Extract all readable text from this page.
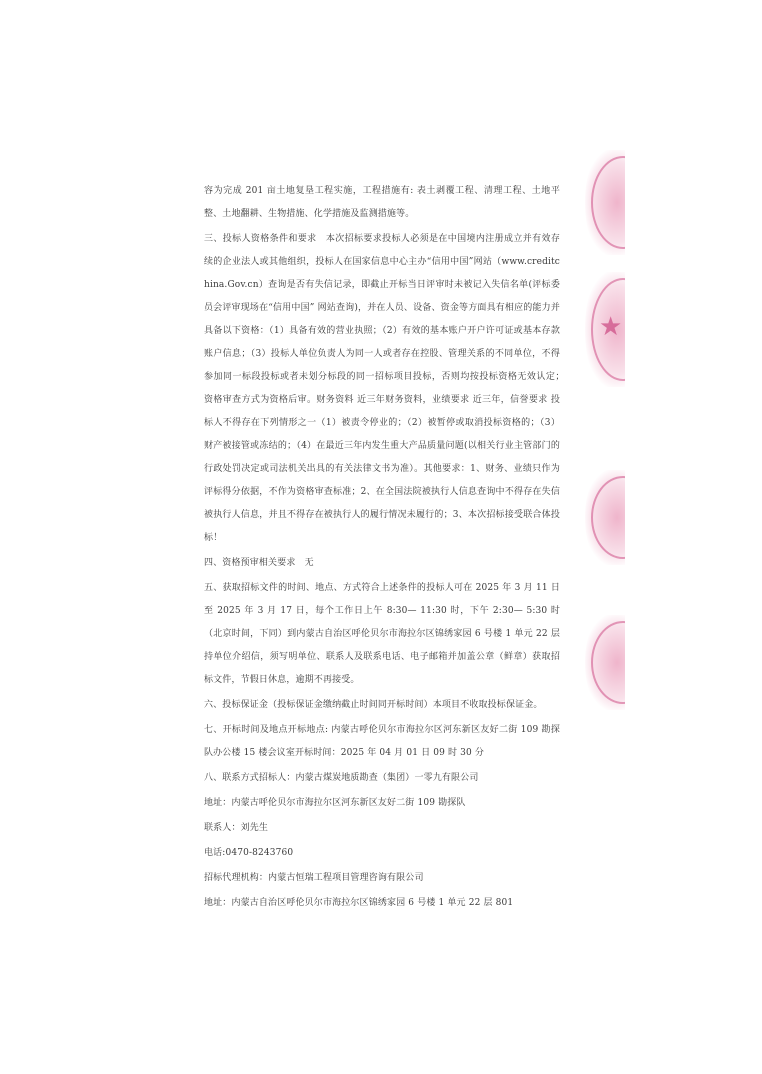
★

容为完成 201 亩土地复垦工程实施，工程措施有: 表土剥覆工程、清理工程、土地平整、土地翻耕、生物措施、化学措施及监测措施等。

三、投标人资格条件和要求　本次招标要求投标人必须是在中国境内注册成立并有效存续的企业法人或其他组织，投标人在国家信息中心主办“信用中国”网站（www.creditchina.Gov.cn）查询是否有失信记录，即截止开标当日评审时未被记入失信名单(评标委员会评审现场在“信用中国” 网站查询)，并在人员、设备、资金等方面具有相应的能力并具备以下资格：（1）具备有效的营业执照；（2）有效的基本账户开户许可证或基本存款账户信息；（3）投标人单位负责人为同一人或者存在控股、管理关系的不同单位，不得参加同一标段投标或者未划分标段的同一招标项目投标，否则均按投标资格无效认定；　资格审查方式为资格后审。财务资料 近三年财务资料，业绩要求 近三年，信誉要求 投标人不得存在下列情形之一（1）被责令停业的；（2）被暂停或取消投标资格的；（3）财产被接管或冻结的；（4）在最近三年内发生重大产品质量问题(以相关行业主管部门的行政处罚决定或司法机关出具的有关法律文书为准）。其他要求：1、财务、业绩只作为评标得分依据，不作为资格审查标准；2、在全国法院被执行人信息查询中不得存在失信被执行人信息，并且不得存在被执行人的履行情况未履行的；3、本次招标接受联合体投标！

四、资格预审相关要求　无

五、获取招标文件的时间、地点、方式符合上述条件的投标人可在 2025 年 3 月 11 日至 2025 年 3 月 17 日，每个工作日上午 8:30— 11:30 时，下午 2:30— 5:30 时（北京时间，下同）到内蒙古自治区呼伦贝尔市海拉尔区锦绣家园 6 号楼 1 单元 22 层持单位介绍信，须写明单位、联系人及联系电话、电子邮箱并加盖公章（鲜章）获取招标文件，节假日休息，逾期不再接受。

六、投标保证金（投标保证金缴纳截止时间同开标时间）本项目不收取投标保证金。

七、开标时间及地点开标地点: 内蒙古呼伦贝尔市海拉尔区河东新区友好二街 109 勘探队办公楼 15 楼会议室开标时间：2025 年 04 月 01 日 09 时 30 分

八、联系方式招标人：内蒙古煤炭地质勘查（集团）一零九有限公司

地址：内蒙古呼伦贝尔市海拉尔区河东新区友好二街 109 勘探队

联系人：刘先生

电话:0470-8243760

招标代理机构：内蒙古恒瑞工程项目管理咨询有限公司

地址：内蒙古自治区呼伦贝尔市海拉尔区锦绣家园 6 号楼 1 单元 22 层 801
